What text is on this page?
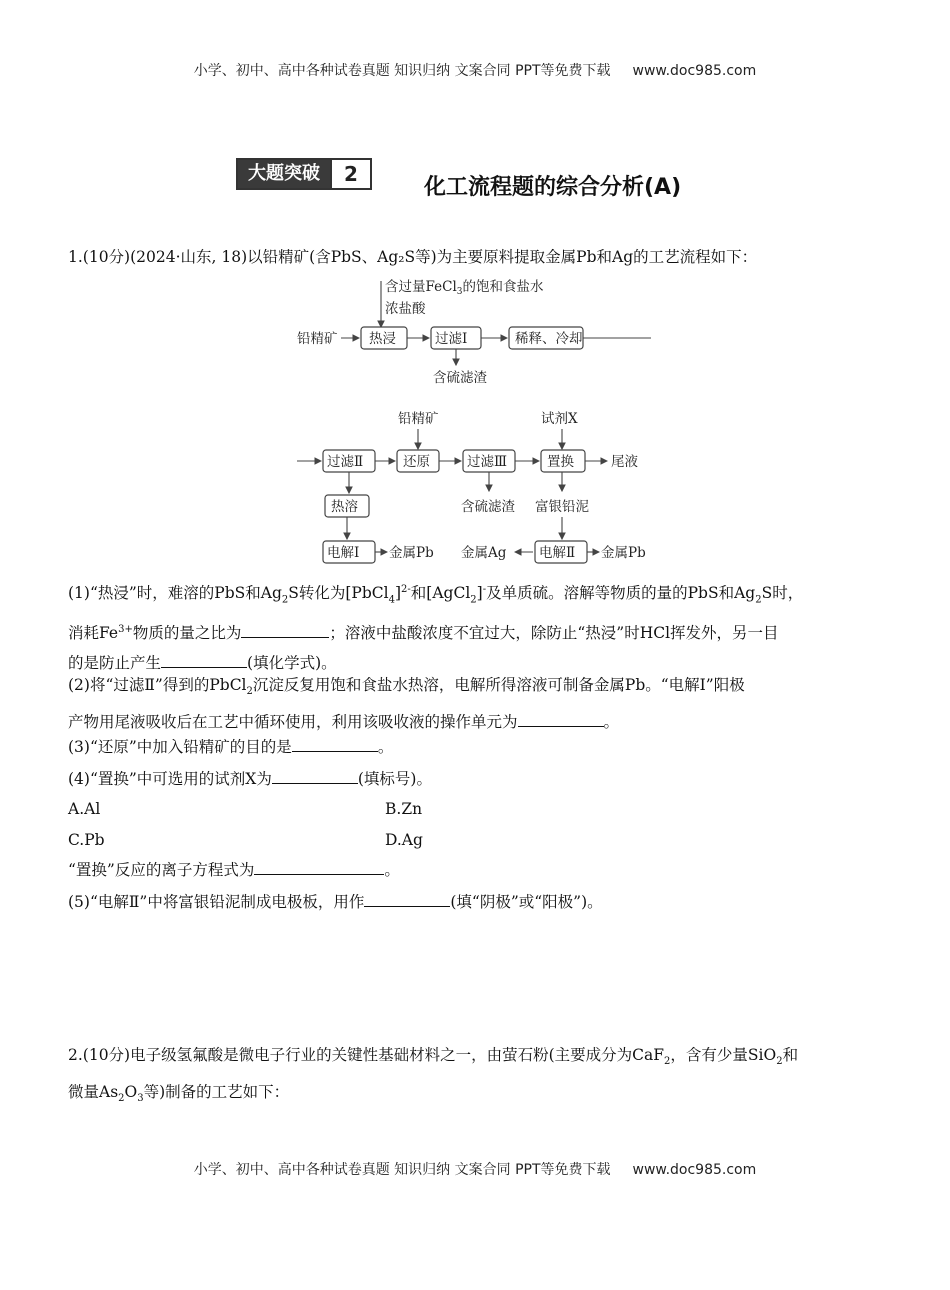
小学、初中、高中各种试卷真题 知识归纳 文案合同 PPT等免费下载 www.doc985.com
大题突破	2
化工流程题的综合分析(A)
1.(10分)(2024·山东, 18)以铅精矿(含PbS、Ag₂S等)为主要原料提取金属Pb和Ag的工艺流程如下：
含过量FeCl$_3$的饱和食盐水
浓盐酸
铅精矿 热浸	过滤Ⅰ	稀释、冷却
含硫滤渣
铅精矿	试剂X
过滤Ⅱ	还原	过滤Ⅲ	置换	尾液
热溶	含硫滤渣 富银铅泥
电解Ⅰ 金属Pb 金属Ag 电解Ⅱ 金属Pb
(1)“热浸”时，难溶的PbS和$Ag_2S$转化为[PbCl$_4$]$^{2-}$和[AgCl$_2$]-及单质硫。溶解等物质的量的PbS和$Ag_2S$时，
消耗$Fe^{3+}$物质的量之比为	；溶液中盐酸浓度不宜过大，除防止“热浸”时HCl挥发外，另一目
的是防止产生	(填化学式)。
(2)将“过滤Ⅱ”得到的PbCl$_2$沉淀反复用饱和食盐水热溶，电解所得溶液可制备金属Pb。“电解Ⅰ”阳极
产物用尾液吸收后在工艺中循环使用，利用该吸收液的操作单元为	。
(3)“还原”中加入铅精矿的目的是	。
(4)“置换”中可选用的试剂X为	(填标号)。
A.Al	B.Zn
C.Pb	D.Ag
“置换”反应的离子方程式为	。
(5)“电解Ⅱ”中将富银铅泥制成电极板，用作	(填“阴极”或“阳极”)。
2.(10分)电子级氢氟酸是微电子行业的关键性基础材料之一，由萤石粉(主要成分为CaF$_2$，含有少量SiO$_2$和
微量$As_2O_3$等)制备的工艺如下：
小学、初中、高中各种试卷真题 知识归纳 文案合同 PPT等免费下载 www.doc985.com
